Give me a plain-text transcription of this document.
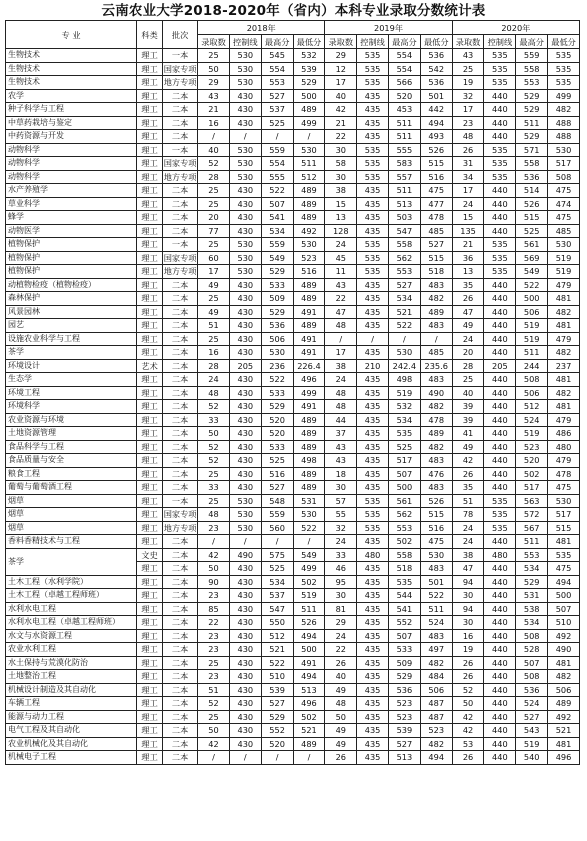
云南农业大学2018-2020年（省内）本科专业录取分数统计表
专 业	科类	批次	2018年				2019年				2020年			
			录取数	控制线	最高分	最低分	录取数	控制线	最高分	最低分	录取数	控制线	最高分	最低分
生物技术	理工	一本	25	530	545	532	29	535	554	536	43	535	559	535
生物技术	理工	国家专项	50	530	554	539	12	535	554	542	25	535	558	535
生物技术	理工	地方专项	29	530	553	529	17	535	566	536	19	535	553	535
农学	理工	二本	43	430	527	500	40	435	520	501	32	440	529	499
种子科学与工程	理工	二本	21	430	537	489	42	435	453	442	17	440	529	482
中草药栽培与鉴定	理工	二本	16	430	525	499	21	435	511	494	23	440	511	488
中药资源与开发	理工	二本	/	/	/	/	22	435	511	493	48	440	529	488
动物科学	理工	一本	40	530	559	530	30	535	555	526	26	535	571	530
动物科学	理工	国家专项	52	530	554	511	58	535	583	515	31	535	558	517
动物科学	理工	地方专项	28	530	555	512	30	535	557	516	34	535	536	508
水产养殖学	理工	二本	25	430	522	489	38	435	511	475	17	440	514	475
草业科学	理工	二本	25	430	507	489	15	435	513	477	24	440	526	474
蜂学	理工	二本	20	430	541	489	13	435	503	478	15	440	515	475
动物医学	理工	二本	77	430	534	492	128	435	547	485	135	440	525	485
植物保护	理工	一本	25	530	559	530	24	535	558	527	21	535	561	530
植物保护	理工	国家专项	60	530	549	523	45	535	562	515	36	535	569	519
植物保护	理工	地方专项	17	530	529	516	11	535	553	518	13	535	549	519
动植物检疫（植物检疫）	理工	二本	49	430	533	489	43	435	527	483	35	440	522	479
森林保护	理工	二本	25	430	509	489	22	435	534	482	26	440	500	481
风景园林	理工	二本	49	430	529	491	47	435	521	489	47	440	506	482
园艺	理工	二本	51	430	536	489	48	435	522	483	49	440	519	481
设施农业科学与工程	理工	二本	25	430	506	491	/	/	/	/	24	440	519	479
茶学	理工	二本	16	430	530	491	17	435	530	485	20	440	511	482
环境设计	艺术	二本	28	205	236	226.4	38	210	242.4	235.6	28	205	244	237
生态学	理工	二本	24	430	522	496	24	435	498	483	25	440	508	481
环境工程	理工	二本	48	430	533	499	48	435	519	490	40	440	506	482
环境科学	理工	二本	52	430	529	491	48	435	532	482	39	440	512	481
农业资源与环境	理工	二本	33	430	520	489	44	435	534	478	39	440	524	479
土地资源管理	理工	二本	50	430	520	489	37	435	535	489	41	440	519	486
食品科学与工程	理工	二本	52	430	533	489	43	435	525	482	49	440	523	480
食品质量与安全	理工	二本	52	430	525	498	43	435	517	483	42	440	520	479
粮食工程	理工	二本	25	430	516	489	18	435	507	476	26	440	502	478
葡萄与葡萄酒工程	理工	二本	33	430	527	489	30	435	500	483	35	440	517	475
烟草	理工	一本	25	530	548	531	57	535	561	526	51	535	563	530
烟草	理工	国家专项	48	530	559	530	55	535	562	515	78	535	572	517
烟草	理工	地方专项	23	530	560	522	32	535	553	516	24	535	567	515
香料香精技术与工程	理工	二本	/	/	/	/	24	435	502	475	24	440	511	481
茶学	文史	二本	42	490	575	549	33	480	558	530	38	480	553	535
	理工	二本	50	430	525	499	46	435	518	483	47	440	534	475
土木工程（水利学院）	理工	二本	90	430	534	502	95	435	535	501	94	440	529	494
土木工程（卓越工程师班）	理工	二本	23	430	537	519	30	435	544	522	30	440	531	500
水利水电工程	理工	二本	85	430	547	511	81	435	541	511	94	440	538	507
水利水电工程（卓越工程师班）	理工	二本	22	430	550	526	29	435	552	524	30	440	534	510
水文与水资源工程	理工	二本	23	430	512	494	24	435	507	483	16	440	508	492
农业水利工程	理工	二本	23	430	521	500	22	435	533	497	19	440	528	490
水土保持与荒漠化防治	理工	二本	25	430	522	491	26	435	509	482	26	440	507	481
土地整治工程	理工	二本	23	430	510	494	40	435	529	484	26	440	508	482
机械设计制造及其自动化	理工	二本	51	430	539	513	49	435	536	506	52	440	536	506
车辆工程	理工	二本	52	430	527	496	48	435	523	487	50	440	524	489
能源与动力工程	理工	二本	25	430	529	502	50	435	523	487	42	440	527	492
电气工程及其自动化	理工	二本	50	430	552	521	49	435	539	523	42	440	543	521
农业机械化及其自动化	理工	二本	42	430	520	489	49	435	527	482	53	440	519	481
机械电子工程	理工	二本	/	/	/	/	26	435	513	494	26	440	540	496
